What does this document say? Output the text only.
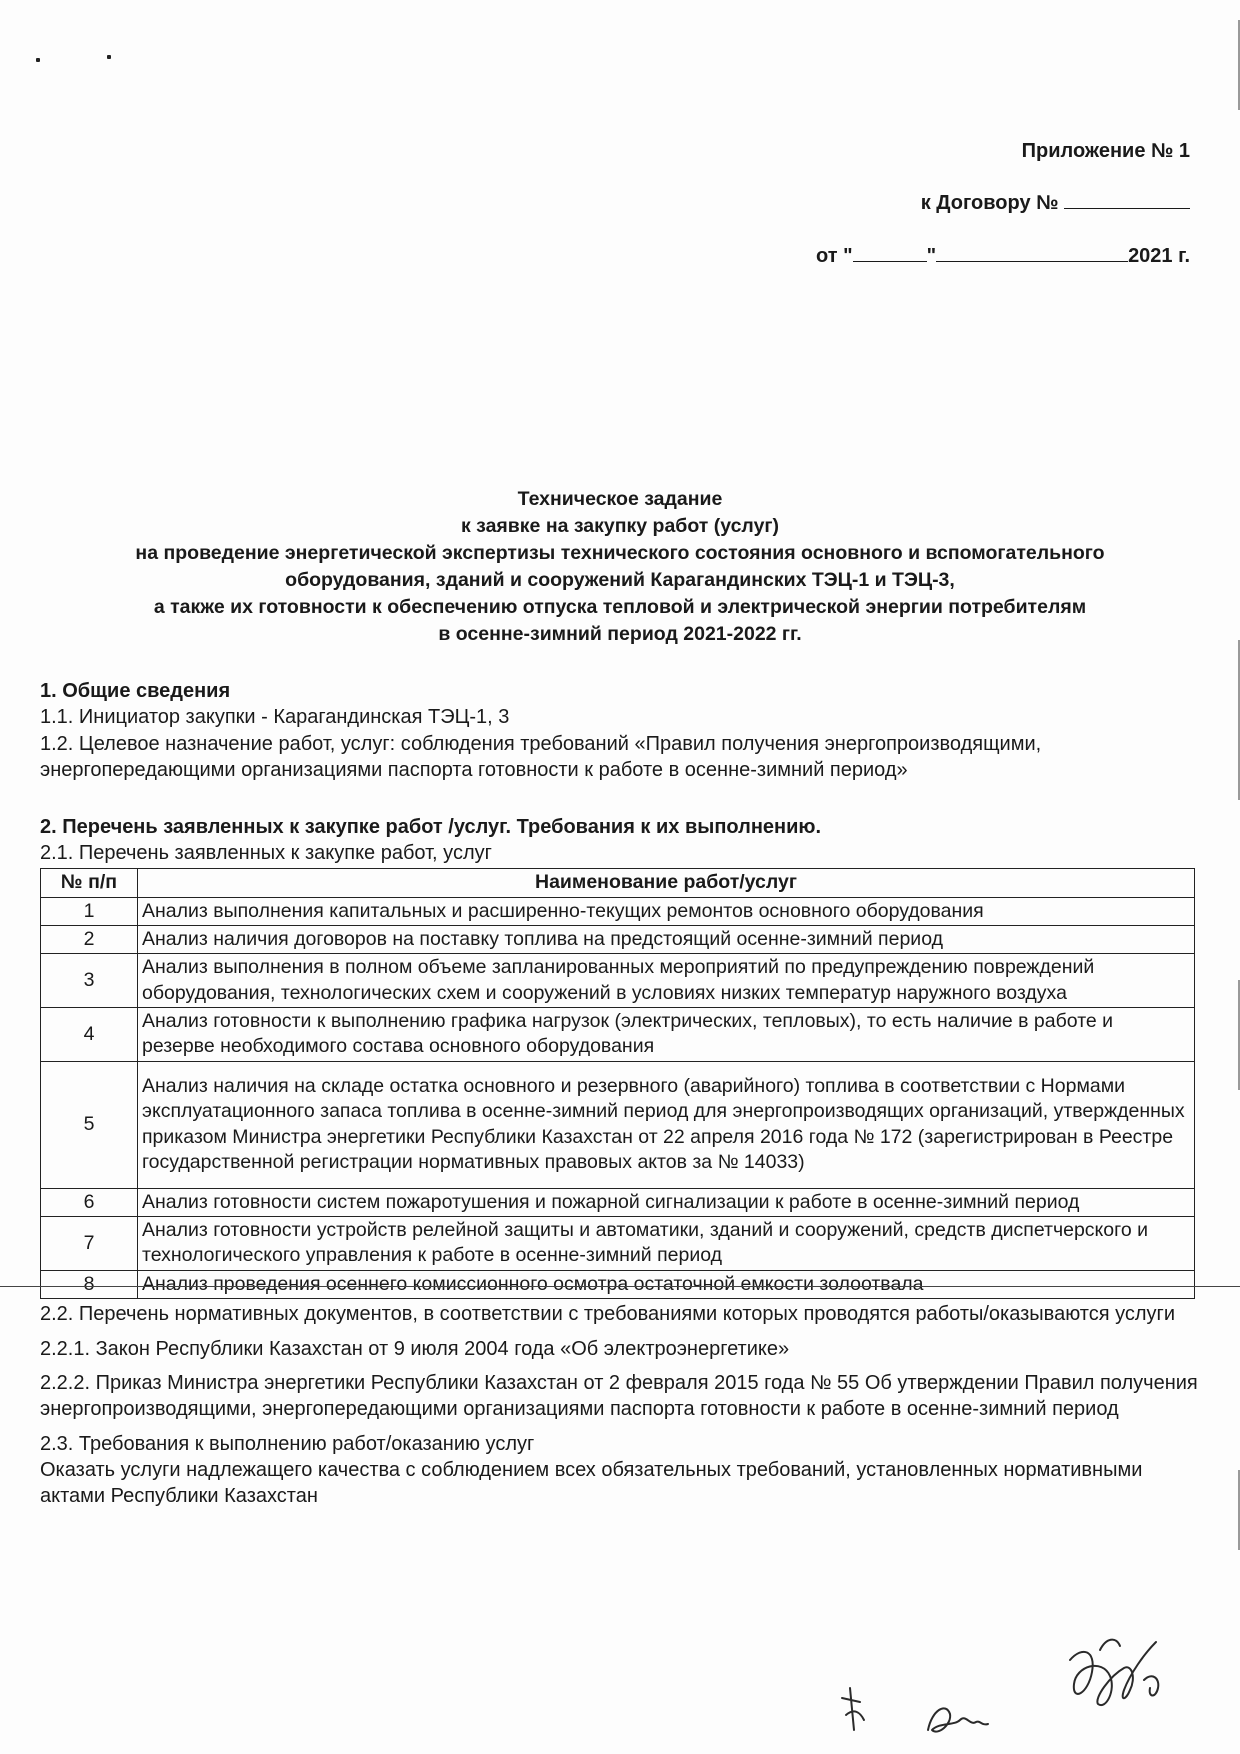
Приложение № 1
к Договору №
от "	"	2021 г.
Техническое задание
к заявке на закупку работ (услуг)
на проведение энергетической экспертизы технического состояния основного и вспомогательного
оборудования, зданий и сооружений Карагандинских ТЭЦ-1 и ТЭЦ-3,
а также их готовности к обеспечению отпуска тепловой и электрической энергии потребителям
в осенне-зимний период 2021-2022 гг.

1. Общие сведения

1.1. Инициатор закупки - Карагандинская ТЭЦ-1, 3

1.2. Целевое назначение работ, услуг: соблюдения требований «Правил получения энергопроизводящими, энергопередающими организациями паспорта готовности к работе в осенне-зимний период»

2. Перечень заявленных к закупке работ /услуг. Требования к их выполнению.

2.1. Перечень заявленных к закупке работ, услуг

№ п/п	Наименование работ/услуг
1	Анализ выполнения капитальных и расширенно-текущих ремонтов основного оборудования
2	Анализ наличия договоров на поставку топлива на предстоящий осенне-зимний период
3	Анализ выполнения в полном объеме запланированных мероприятий по предупреждению повреждений оборудования, технологических схем и сооружений в условиях низких температур наружного воздуха
4	Анализ готовности к выполнению графика нагрузок (электрических, тепловых), то есть наличие в работе и резерве необходимого состава основного оборудования
5	Анализ наличия на складе остатка основного и резервного (аварийного) топлива в соответствии с Нормами эксплуатационного запаса топлива в осенне-зимний период для энергопроизводящих организаций, утвержденных приказом Министра энергетики Республики Казахстан от 22 апреля 2016 года № 172 (зарегистрирован в Реестре государственной регистрации нормативных правовых актов за № 14033)
6	Анализ готовности систем пожаротушения и пожарной сигнализации к работе в осенне-зимний период
7	Анализ готовности устройств релейной защиты и автоматики, зданий и сооружений, средств диспетчерского и технологического управления к работе в осенне-зимний период
8	Анализ проведения осеннего комиссионного осмотра остаточной емкости золоотвала

2.2. Перечень нормативных документов, в соответствии с требованиями которых проводятся работы/оказываются услуги

2.2.1. Закон Республики Казахстан от 9 июля 2004 года «Об электроэнергетике»

2.2.2. Приказ Министра энергетики Республики Казахстан от 2 февраля 2015 года № 55 Об утверждении Правил получения энергопроизводящими, энергопередающими организациями паспорта готовности к работе в осенне-зимний период

2.3. Требования к выполнению работ/оказанию услуг

Оказать услуги надлежащего качества с соблюдением всех обязательных требований, установленных нормативными актами Республики Казахстан
